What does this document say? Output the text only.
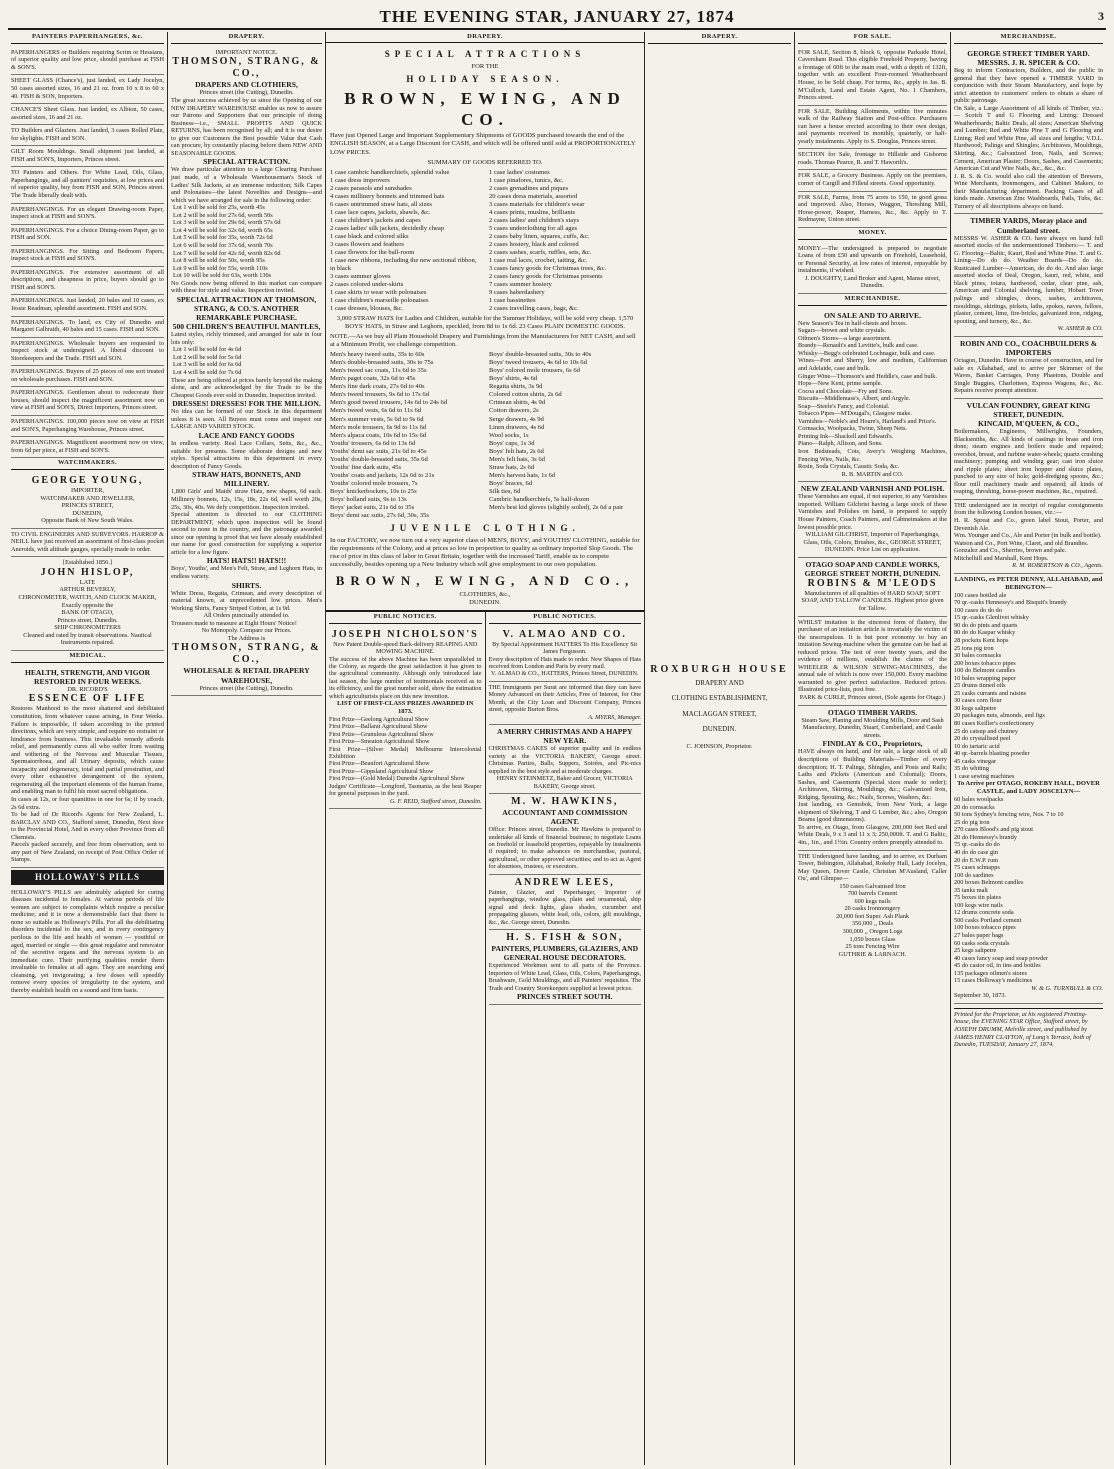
THE EVENING STAR, JANUARY 27, 1874	3
PAINTERS PAPERHANGERS, &c.
PAPERHANGERS or Builders requiring Scrim or Hessians, of superior quality and low price, should purchase at FISH & SON'S.
SHEET GLASS (Chance's), just landed, ex Lady Jocelyn, 50 cases assorted sizes, 16 and 21 oz. from 10 x 8 to 60 x 40. FISH & SON, Importers.
CHANCE'S Sheet Glass. Just landed, ex Albion, 50 cases, assorted sizes, 16 and 21 oz.
TO Builders and Glaziers. Just landed, 3 cases Rolled Plate, for skylights. FISH and SON.
GILT Room Mouldings. Small shipment just landed, at FISH and SON'S, Importers, Princes street.
TO Painters and Others. For White Lead, Oils, Glass, Paperhangings, and all painters' requisites, at low prices and of superior quality, buy from FISH and SON, Princes street. The Trade liberally dealt with.
PAPERHANGINGS. For an elegant Drawing-room Paper, inspect stock at FISH and SON'S.
PAPERHANGINGS. For a choice Dining-room Paper, go to FISH and SON.
PAPERHANGINGS. For Sitting and Bedroom Papers, inspect stock at FISH and SON'S.
PAPERHANGINGS. For extensive assortment of all descriptions, and cheapness in price, buyers should go to FISH and SON'S.
PAPERHANGINGS. Just landed, 20 bales and 10 cases, ex Jessie Readman, splendid assortment. FISH and SON.
PAPERHANGINGS. To land, ex City of Dunedin and Margaret Galbraith, 40 bales and 15 cases. FISH and SON.
PAPERHANGINGS. Wholesale buyers are requested to inspect stock at undersigned. A liberal discount to Storekeepers and the Trade. FISH and SON.
PAPERHANGINGS. Buyers of 25 pieces of one sort treated on wholesale purchases. FISH and SON.
PAPERHANGINGS. Gentlemen about to redecorate their houses, should inspect the magnificent assortment now on view at FISH and SON'S, Direct Importers, Princes street.
PAPERHANGINGS. 100,000 pieces now on view at FISH and SON'S, Paperhanging Warehouse, Princes street.
PAPERHANGINGS. Magnificent assortment now on view, from 6d per piece, at FISH and SON'S.
WATCHMAKERS.
GEORGE YOUNG,
IMPORTER,
WATCHMAKER AND JEWELLER,
PRINCES STREET,
DUNEDIN,
Opposite Bank of New South Wales.

TO CIVIL ENGINEERS AND SURVEYORS. HARROP & NEILL have just received an assortment of first-class pocket Aneroids, with altitude gauges, specially made to order.

[Established 1856.]
JOHN HISLOP,
LATE
ARTHUR BEVERLY,
CHRONOMETER, WATCH, AND CLOCK MAKER,
Exactly opposite the
BANK OF OTAGO,
Princes street, Dunedin.
SHIP CHRONOMETERS
Cleaned and rated by transit observations. Nautical Instruments repaired.
MEDICAL.
HEALTH, STRENGTH, AND VIGOR RESTORED IN FOUR WEEKS.
DR. RICORD'S
ESSENCE OF LIFE

Restores Manhood to the most shattered and debilitated constitution, from whatever cause arising, in Four Weeks. Failure is impossible, if taken according to the printed directions, which are very simple, and require no restraint or hindrance from business. This invaluable remedy affords relief, and permanently cures all who suffer from wasting and withering of the Nervous and Muscular Tissues, Spermatorrhoea, and all Urinary deposits, which cause incapacity and degeneracy, total and partial prostration, and every other exhaustive derangement of the system, regenerating all the important elements of the human frame, and enabling man to fulfil his most sacred obligations.

In cases at 12s, or four quantities in one for 6s; if by coach, 2s 6d extra.

To be had of Dr Ricord's Agents for New Zealand, L. BARCLAY AND CO., Stafford street, Dunedin, Next door to the Provincial Hotel, And in every other Province from all Chemists.

Parcels packed securely, and free from observation, sent to any part of New Zealand, on receipt of Post Office Order of Stamps.

HOLLOWAY'S PILLS

HOLLOWAY'S PILLS are admirably adapted for curing diseases incidental to females. At various periods of life women are subject to complaints which require a peculiar medicine; and it is now a demonstrable fact that there is none so suitable as Holloway's Pills. For all the debilitating disorders incidental to the sex, and in every contingency perilous to the life and health of women — youthful or aged, married or single — this great regulator and renovator of the secretive organs and the nervous system is an immediate cure. Their purifying qualities render them invaluable to females at all ages. They are searching and cleansing, yet invigorating; a few doses will speedily remove every species of irregularity in the system, and thereby establish health on a sound and firm basis.

DRAPERY.
IMPORTANT NOTICE.
THOMSON, STRANG, & CO.,
DRAPERS AND CLOTHIERS,
Princes street (the Cutting), Dunedin.

The great success achieved by us since the Opening of our NEW DRAPERY WAREHOUSE enables us now to assure our Patrons and Supporters that our principle of doing Business—i.e., SMALL PROFITS AND QUICK RETURNS, has been recognised by all; and it is our desire to give our Customers the Best possible Value that Cash can procure, by constantly placing before them NEW AND SEASONABLE GOODS.

SPECIAL ATTRACTION.

We draw particular attention to a large Clearing Purchase just made, of a Wholesale Warehouseman's Stock of Ladies' Silk Jackets, at an immense reduction; Silk Capes and Polonaises—the latest Novelties and Designs—and which we have arranged for sale in the following order:

Lot 1 will be sold for 25s, worth 45s
Lot 2 will be sold for 27s 6d, worth 50s
Lot 3 will be sold for 29s 6d, worth 57s 6d
Lot 4 will be sold for 32s 6d, worth 65s
Lot 5 will be sold for 35s, worth 72s 6d
Lot 6 will be sold for 37s 6d, worth 70s
Lot 7 will be sold for 42s 6d, worth 82s 6d
Lot 8 will be sold for 50s, worth 95s
Lot 9 will be sold for 55s, worth 110s
Lot 10 will be sold for 63s, worth 130s

No Goods now being offered in this market can compare with these for style and value. Inspection invited.

SPECIAL ATTRACTION AT THOMSON, STRANG, & CO.'S. ANOTHER REMARKABLE PURCHASE.
500 CHILDREN'S BEAUTIFUL MANTLES,

Latest styles, richly trimmed, and arranged for sale in four lots only:

Lot 1 will be sold for 4s 6d
Lot 2 will be sold for 5s 6d
Lot 3 will be sold for 6s 6d
Lot 4 will be sold for 7s 6d

These are being offered at prices barely beyond the making alone, and are acknowledged by the Trade to be the Cheapest Goods ever sold in Dunedin. Inspection invited.

DRESSES! DRESSES! FOR THE MILLION.

No idea can be formed of our Stock in this department unless it is seen. All Buyers must come and inspect our LARGE AND VARIED STOCK.

LACE AND FANCY GOODS

In endless variety. Real Lace Collars, Setts, &c., &c., suitable for presents. Some elaborate designs and new styles. Special attractions in this department in every description of Fancy Goods.

STRAW HATS, BONNETS, AND MILLINERY.

1,800 Girls' and Maids' straw Hats, new shapes, 6d each. Millinery bonnets, 12s, 15s, 18s, 22s 6d, well worth 20s, 25s, 30s, 40s. We defy competition. Inspection invited.

Special attention is directed to our CLOTHING DEPARTMENT, which upon inspection will be found second to none in the country, and the patronage awarded since our opening is proof that we have already established our name for good construction for supplying a superior article for a low figure.

HATS! HATS!! HATS!!!

Boys', Youths', and Men's Felt, Straw, and Leghorn Hats, in endless variety.

SHIRTS.

White Dress, Regatta, Crimean, and every description of material known, at unprecedented low prices. Men's Working Shirts, Fancy Striped Cotton, at 1s 9d.

All Orders punctually attended to.

Trousers made to measure at Eight Hours' Notice!

No Monopoly. Compare our Prices.

The Address is

THOMSON, STRANG, & CO.,
WHOLESALE & RETAIL DRAPERY WAREHOUSE,
Princes street (the Cutting), Dunedin.
DRAPERY.
SPECIAL ATTRACTIONS
FOR THE
HOLIDAY SEASON.
BROWN, EWING, AND CO.

Have just Opened Large and Important Supplementary Shipments of GOODS purchased towards the end of the ENGLISH SEASON, at a Large Discount for CASH, and which will be offered until sold at PROPORTIONATELY LOW PRICES.

SUMMARY OF GOODS REFERRED TO.
1 case cambric handkerchiefs, splendid value
1 case dress improvers
2 cases parasols and sunshades
4 cases millinery bonnets and trimmed hats
6 cases untrimmed straw hats, all sizes
1 case lace capes, jackets, shawls, &c.
1 case children's jackets and capes
2 cases ladies' silk jackets, decidedly cheap
1 case black and colored silks
3 cases flowers and feathers
1 case flowers for the ball-room
1 case new ribbons, including the new sectional ribbon, in black
3 cases summer gloves
2 cases colored under-skirts
1 case skirts to wear with polonaises
1 case children's marseille polonaises
1 case dresses, blouses, &c.
1 case ladies' costumes
1 case pinafores, tunics, &c.
2 cases grenadines and piques
20 cases dress materials, assorted
3 cases materials for children's wear
4 cases prints, muslins, brilliants
2 cases ladies' and children's stays
5 cases underclothing for all ages
2 cases baby linen, squares, cuffs, &c.
2 cases hosiery, black and colored
2 cases sashes, scarfs, ruffles, sets, &c.
1 case real laces, crochet, tatting, &c.
3 cases fancy goods for Christmas trees, &c.
2 cases fancy goods for Christmas presents
7 cases summer hosiery
9 cases haberdashery
1 case bassinettes
2 cases travelling cases, bags, &c.

3,000 STRAW HATS for Ladies and Children, suitable for the Summer Holidays, will be sold very cheap. 1,570 BOYS' HATS, in Straw and Leghorn, speckled, from 8d to 1s 6d. 23 Cases PLAIN DOMESTIC GOODS.

NOTE.—As we buy all Plain Household Drapery and Furnishings from the Manufacturers for NET CASH, and sell at a Minimum Profit, we challenge competition.

Men's heavy tweed suits, 35s to 60s
Men's double-breasted suits, 30s to 75s
Men's tweed sac coats, 11s 6d to 35s
Men's paget coats, 32s 6d to 45s
Men's fine dark coats, 27s 6d to 40s
Men's tweed trousers, 9s 6d to 17s 6d
Men's good tweed trousers, 14s 6d to 24s 6d
Men's tweed vests, 6s 6d to 11s 6d
Men's summer vests, 5s 6d to 9s 6d
Men's mole trousers, 6s 9d to 11s 6d
Men's alpaca coats, 10s 6d to 15s 6d
Youths' trousers, 6s 6d to 13s 6d
Youths' demi sac suits, 21s 6d to 45s
Youths' double-breasted suits, 35s 6d
Youths' fine dark suits, 45s
Youths' coats and jackets, 12s 6d to 21s
Youths' colored mole trousers, 7s
Boys' knickerbockers, 10s to 25s
Boys' holland suits, 9s to 13s
Boys' jacket suits, 21s 6d to 35s
Boys' demi sac suits, 27s 6d, 30s, 35s
Boys' double-breasted suits, 30s to 40s
Boys' tweed trousers, 4s 6d to 10s 6d
Boys' colored mole trousers, 6s 6d
Boys' shirts, 4s 6d
Regatta shirts, 3s 9d
Colored cotton shirts, 2s 6d
Crimean shirts, 4s 9d
Cotton drawers, 2s
Serge drawers, 4s 9d
Linen drawers, 4s 6d
Wool socks, 1s
Boys' caps, 1s 3d
Boys' felt hats, 2s 6d
Men's felt hats, 3s 6d
Straw hats, 2s 6d
Men's harvest hats, 1s 6d
Boys' braces, 6d
Silk ties, 6d
Cambric handkerchiefs, 5s half-dozen
Men's best kid gloves (slightly soiled), 2s 6d a pair
JUVENILE CLOTHING.

In our FACTORY, we now turn out a very superior class of MEN'S, BOYS', and YOUTHS' CLOTHING, suitable for the requirements of the Colony, and at prices so low in proportion to quality as ordinary imported Slop Goods. The rise of price in this class of labor in Great Britain, together with the increased Tariff, enable us to compete successfully, besides opening up a New Industry which will give employment to our own population.

BROWN, EWING, AND CO.,
CLOTHIERS, &c.,
DUNEDIN.
PUBLIC NOTICES.
JOSEPH NICHOLSON'S

New Patent Double-speed Back-delivery REAPING AND MOWING MACHINE.

The success of the above Machine has been unparalleled in the Colony, as regards the great satisfaction it has given to the agricultural community. Although only introduced late last season, the large number of testimonials received as to its efficiency, and the great number sold, show the estimation which agriculturists place on this new invention.

LIST OF FIRST-CLASS PRIZES AWARDED IN 1873.
First Prize—Geelong Agricultural Show
First Prize—Ballarat Agricultural Show
First Prize—Grunuleus Agricultural Show
First Prize—Smeaton Agricultural Show
First Prize—(Silver Medal) Melbourne Intercolonial Exhibition
First Prize—Beaufort Agricultural Show
First Prize—Gippsland Agricultural Show
First Prize—(Gold Medal) Dunedin Agricultural Show

Judges' Certificate—Longford, Tasmania, as the best Reaper for general purposes in the yard.

G. F. REID, Stafford street, Dunedin.

PUBLIC NOTICES.
V. ALMAO AND CO.

By Special Appointment HATTERS To His Excellency Sir James Fergusson.

Every description of Hats made to order. New Shapes of Hats received from London and Paris by every mail.

V. ALMAO & CO., HATTERS, Princes Street, DUNEDIN.

THE Immigrants per Surat are informed that they can have Money Advanced on their Articles, Free of Interest, for One Month, at the City Loan and Discount Company, Princes street, opposite Burton Bros.

A. MYERS, Manager.

A MERRY CHRISTMAS AND A HAPPY NEW YEAR.

CHRISTMAS CAKES of superior quality and in endless variety at the VICTORIA BAKERY, George street. Christmas Parties, Balls, Suppers, Soirées, and Pic-nics supplied in the best style and at moderate charges.

HENRY STEINMETZ, Baker and Grocer, VICTORIA BAKERY, George street.

M. W. HAWKINS,
ACCOUNTANT AND COMMISSION AGENT.

Office: Princes street, Dunedin. Mr Hawkins is prepared to undertake all kinds of financial business; to negotiate Loans on freehold or leasehold properties, repayable by instalments if required; to make advances on merchandise, pastoral, agricultural, or other approved securities; and to act as Agent for absentees, trustees, or executors.

ANDREW LEES,

Painter, Glazier, and Paperhanger, Importer of paperhangings, window glass, plain and ornamental, ship signal and deck lights, glass shades, cucumber and propagating glasses, white lead, oils, colors, gilt mouldings, &c., &c. George street, Dunedin.

H. S. FISH & SON,
PAINTERS, PLUMBERS, GLAZIERS, AND GENERAL HOUSE DECORATORS.

Experienced Workmen sent to all parts of the Province. Importers of White Lead, Glass, Oils, Colors, Paperhangings, Brushware, Gold Mouldings, and all Painters' requisites. The Trade and Country Storekeepers supplied at lowest prices.

PRINCES STREET SOUTH.
DRAPERY.
ROXBURGH HOUSE
DRAPERY AND
CLOTHING ESTABLISHMENT,
MACLAGGAN STREET,
DUNEDIN.
C. JOHNSON, Proprietor.
FOR SALE.
FOR SALE, Section 8, block 6, opposite Parkside Hotel, Caversham Road. This eligible Freehold Property, having a frontage of 60ft to the main road, with a depth of 132ft, together with an excellent Four-roomed Weatherboard House, to be Sold cheap. For terms, &c., apply to Jas. B. M'Culloch, Land and Estate Agent, No. 1 Chambers, Princes street.
FOR SALE, Building Allotments, within five minutes walk of the Railway Station and Post-office. Purchasers can have a house erected according to their own design, and payments received in monthly, quarterly, or half-yearly instalments. Apply to S. Douglas, Princes street.
SECTION for Sale, frontage to Hillside and Gisborne roads. Thomas Pearce, R. and T. Haworth's.
FOR SALE, a Grocery Business. Apply on the premises, corner of Cargill and Filleul streets. Good opportunity.
FOR SALE, Farms, from 75 acres to 150, in good grass and improved. Also, Horses, Waggon, Threshing Mill, Horse-power, Reaper, Harness, &c., &c. Apply to T. Redmayne, Union street.
MONEY.

MONEY.—The undersigned is prepared to negotiate Loans of from £50 and upwards on Freehold, Leasehold, or Personal Security, at low rates of interest, repayable by instalments, if wished.

J. DOUGHTY, Land Broker and Agent, Manse street, Dunedin.

MERCHANDISE.
ON SALE AND TO ARRIVE.
New Season's Tea in half-chests and boxes.
Sugars—brown and white crystals.
Oilmen's Stores—a large assortment.
Brandy—Renault's and Levitte's, bulk and case.
Whisky—Begg's celebrated Lochnagar, bulk and case.
Wines—Port and Sherry, low and medium, Californian and Adelaide, case and bulk.
Ginger Wine—Thomson's and Heddle's, case and bulk.
Hops—New Kent, prime sample.
Cocoa and Chocolate—Fry and Sons.
Biscuits—Middlemass's, Albert, and Argyle.
Soap—Steele's Fancy, and Colonial.
Tobacco Pipes—M'Dougal's, Glasgow make.
Varnishes—Noble's and Hoare's, Harland's and Price's.
Cornsacks, Woolpacks, Twine, Sheep Nets.
Printing Ink—Shackell and Edward's.
Piano—Ralph, Allison, and Sons.
Iron Bedsteads, Cots, Avery's Weighing Machines, Fencing Wire, Nails, &c.
Rosin, Soda Crystals, Caustic Soda, &c.

R. B. MARTIN and CO.

NEW ZEALAND VARNISH AND POLISH.

These Varnishes are equal, if not superior, to any Varnishes imported. William Gilchrist having a large stock of these Varnishes and Polishes on hand, is prepared to supply House Painters, Coach Painters, and Cabinetmakers at the lowest possible price.

WILLIAM GILCHRIST, Importer of Paperhangings, Glass, Oils, Colors, Brushes, &c., GEORGE STREET, DUNEDIN. Price List on application.

OTAGO SOAP AND CANDLE WORKS, GEORGE STREET NORTH, DUNEDIN.
ROBINS & M'LEODS

Manufacturers of all qualities of HARD SOAP, SOFT SOAP, AND TALLOW CANDLES. Highest price given for Tallow.

WHILST imitation is the sincerest form of flattery, the purchaser of an imitation article is invariably the victim of the unscrupulous. It is but poor economy to buy an imitation Sewing-machine when the genuine can be had at reduced prices. The test of over twenty years, and the evidence of millions, establish the claims of the WHEELER & WILSON SEWING-MACHINES, the annual sale of which is now over 150,000. Every machine warranted to give perfect satisfaction. Reduced prices. Illustrated price-lists, post free.

PARK & CURLE, Princes street, (Sole agents for Otago.)

OTAGO TIMBER YARDS.

Steam Saw, Planing and Moulding Mills, Door and Sash Manufactory, Dunedin, Stuart, Cumberland, and Castle streets.

FINDLAY & CO., Proprietors,

HAVE always on hand, and for sale, a large stock of all descriptions of Building Materials—Timber of every description; H. T. Palings, Shingles, and Posts and Rails; Laths and Pickets (American and Colonial); Doors, Sashes, and Casements (Special sizes made to order); Architraves, Skirting, Mouldings, &c.; Galvanized Iron, Ridging, Spouting, &c.; Nails, Screws, Washers, &c.

Just landing, ex Gemsbok, from New York, a large shipment of Shelving, T and G Lumber, &c.; also, Oregon Beams (good dimensions).

To arrive, ex Otago, from Glasgow, 200,000 feet Red and White Deals, 9 x 3 and 11 x 3; 250,000ft. T. and G Baltic, 4in., 1in., and 1½in. Country orders promptly attended to.

THE Undersigned have landing, and to arrive, ex Durham Tower, Bebington, Allahabad, Rokeby Hall, Lady Jocelyn, May Queen, Dover Castle, Christian M'Ausland, Caller Ou', and Glimpse—

150 cases Galvanised Iron
700 barrels Cement
600 kegs nails
20 casks Ironmongery
20,000 feet Super. Ash Plank
350,000 ,, Deals
300,000 ,, Oregon Logs
1,050 boxes Glass
25 tons Fencing Wire

GUTHRIE & LARNACH.

MERCHANDISE.
GEORGE STREET TIMBER YARD.
MESSRS. J. R. SPICER & CO.

Beg to inform Contractors, Builders, and the public in general that they have opened a TIMBER YARD in conjunction with their Steam Manufactory, and hope by strict attention to customers' orders to obtain a share of public patronage.

On Sale, a Large Assortment of all kinds of Timber, viz.:— Scotch T and G Flooring and Lining; Dressed Weatherboards; Baltic Deals, all sizes; American Shelving and Lumber; Red and White Pine T and G Flooring and Lining; Red and White Pine, all sizes and lengths; V.D.L. Hardwood; Palings and Shingles; Architraves, Mouldings, Skirting, &c.; Galvanized Iron, Nails, and Screws; Cement, American Plaster; Doors, Sashes, and Casements; American Cut and Wire Nails, &c., &c., &c.

J. R. S. & Co. would also call the attention of Brewers, Wine Merchants, Ironmongers, and Cabinet Makers, to their Manufacturing department. Packing Cases of all kinds made. American Zinc Washboards, Pails, Tubs, &c. Turnery of all descriptions always on hand.

TIMBER YARDS, Moray place and Cumberland street.

MESSRS W. ASHER & CO. have always on hand full assorted stocks of the undermentioned Timbers:— T. and G. Flooring—Baltic, Kauri, Red and White Pine. T. and G. Lining—Do do do. Weather Boards—Do do do. Rusticated Lumber—American, do do do. And also large assorted stocks of Deal, Oregon, kauri, red, white, and black pines, totara, hardwood, cedar, clear pine, ash, American and Colonial shelving, lumber, Hobart Town palings and shingles, doors, sashes, architraves, mouldings, skirtings, pickets, laths, spokes, naves, felloes, plaster, cement, lime, fire-bricks, galvanized iron, ridging, spouting, and turnery, &c., &c.

W. ASHER & CO.

ROBIN AND CO., COACHBUILDERS & IMPORTERS

Octagon, Dunedin. Have in course of construction, and for sale ex Allahabad, and to arrive per Skimmer of the Waves, Basket Carriages, Pony Phaetons, Double and Single Buggies, Charlottees, Express Wagons, &c., &c. Repairs receive prompt attention.

VULCAN FOUNDRY, GREAT KING STREET, DUNEDIN.
KINCAID, M'QUEEN, & CO.,

Boilermakers, Engineers, Millwrights, Founders, Blacksmiths, &c. All kinds of castings in brass and iron done; steam engines and boilers made and repaired; overshot, breast, and turbine water-wheels; quartz crushing machinery; pumping and winding gear; cast iron sluice and ripple plates; sheet iron hopper and sluice plates, punched to any size of hole; gold-dredging spoons, &c.; flour mill machinery made and repaired; all kinds of reaping, threshing, horse-power machines, &c., repaired.

THE undersigned are in receipt of regular consignments from the following London houses, viz.:—

H. R. Spreat and Co., green label Stout, Porter, and Devenish Ale.
Wm. Younger and Co., Ale and Porter (in bulk and bottle).
Watson and Co., Port Wine, Claret, and old Brandies.
Gonzalez and Co., Sherries, brown and pale.
Mitchelhill and Marshall, Kent Hops.

R. M. ROBERTSON & CO., Agents.

LANDING, ex PETER DENNY, ALLAHABAD, and BEBINGTON—
100 cases bottled ale
70 qr.-casks Hennessy's and Bisquit's brandy
100 cases do do do
15 qr.-casks Glenlivet whisky
90 do do pints and quarts
80 do do Kaspar whisky
28 pockets Kent hops
25 tons pig iron
30 bales cornsacks
200 boxes tobacco pipes
100 do Belmont candles
10 bales wrapping paper
25 drums tinned oils
25 casks currants and raisins
30 cases corn flour
30 kegs saltpetre
20 packages nuts, almonds, and figs
80 cases Keiller's confectionery
25 do catsup and chutney
20 do crystallised peel
10 do tartaric acid
40 qr.-barrels blasting powder
45 casks vinegar
35 do whiting
1 case sewing machines
To Arrive per OTAGO, ROKEBY HALL, DOVER CASTLE, and LADY JOSCELYN—
60 bales woolpacks
20 do cornsacks
50 tons Sydney's fencing wire, Nos. 7 to 10
25 do pig iron
270 cases Blood's and pig stout
20 do Hennessy's brandy
75 qr.-casks do do
40 do do case gin
20 do E.W.P. rum
75 cases schnapps
100 do sardines
200 boxes Belmont candles
35 tanks malt
75 boxes tin plates
100 kegs wire nails
12 drums concrete soda
500 casks Portland cement
100 boxes tobacco pipes
27 bales paper bags
60 casks soda crystals
25 kegs saltpetre
40 cases fancy soap and soap powder
45 do castor oil, in tins and bottles
135 packages oilmen's stores
15 cases Holloway's medicines

W. & G. TURNBULL & CO.

September 30, 1873.

Printed for the Proprietor, at his registered Printing-house, the EVENING STAR Office, Stafford street, by JOSEPH DRUMM, Melville street, and published by JAMES HENRY CLAYTON, of Long's Terrace, both of Dunedin, TUESDAY, January 27, 1874.
